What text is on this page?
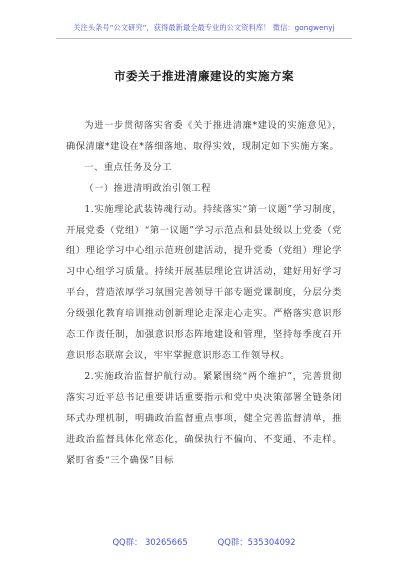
关注头条号“公文研究”，获得最新最全最专业的公文资料库！ 微信：gongwenyj
市委关于推进清廉建设的实施方案

为进一步贯彻落实省委《关于推进清廉*建设的实施意见》，确保清廉*建设在*落细落地、取得实效，现制定如下实施方案。

一、重点任务及分工

（一）推进清明政治引领工程

1.实施理论武装铸魂行动。持续落实“第一议题”学习制度，开展党委（党组）“第一议题”学习示范点和县处级以上党委（党组）理论学习中心组示范班创建活动，提升党委（党组）理论学习中心组学习质量。持续开展基层理论宣讲活动，建好用好学习平台，营造浓厚学习氛围完善领导干部专题党课制度，分层分类分级强化教育培训推动创新理论走深走心走实。严格落实意识形态工作责任制，加强意识形态阵地建设和管理，坚持每季度召开意识形态联席会议，牢牢掌握意识形态工作领导权。

2.实施政治监督护航行动。紧紧围绕“两个维护”，完善贯彻落实习近平总书记重要讲话重要指示和党中央决策部署全链条闭环式办理机制，明确政治监督重点事项，健全完善监督清单，推进政治监督具体化常态化，确保执行不偏向、不变通、不走样。紧盯省委“三个确保”目标

QQ群： 30265665	QQ群：535304092
